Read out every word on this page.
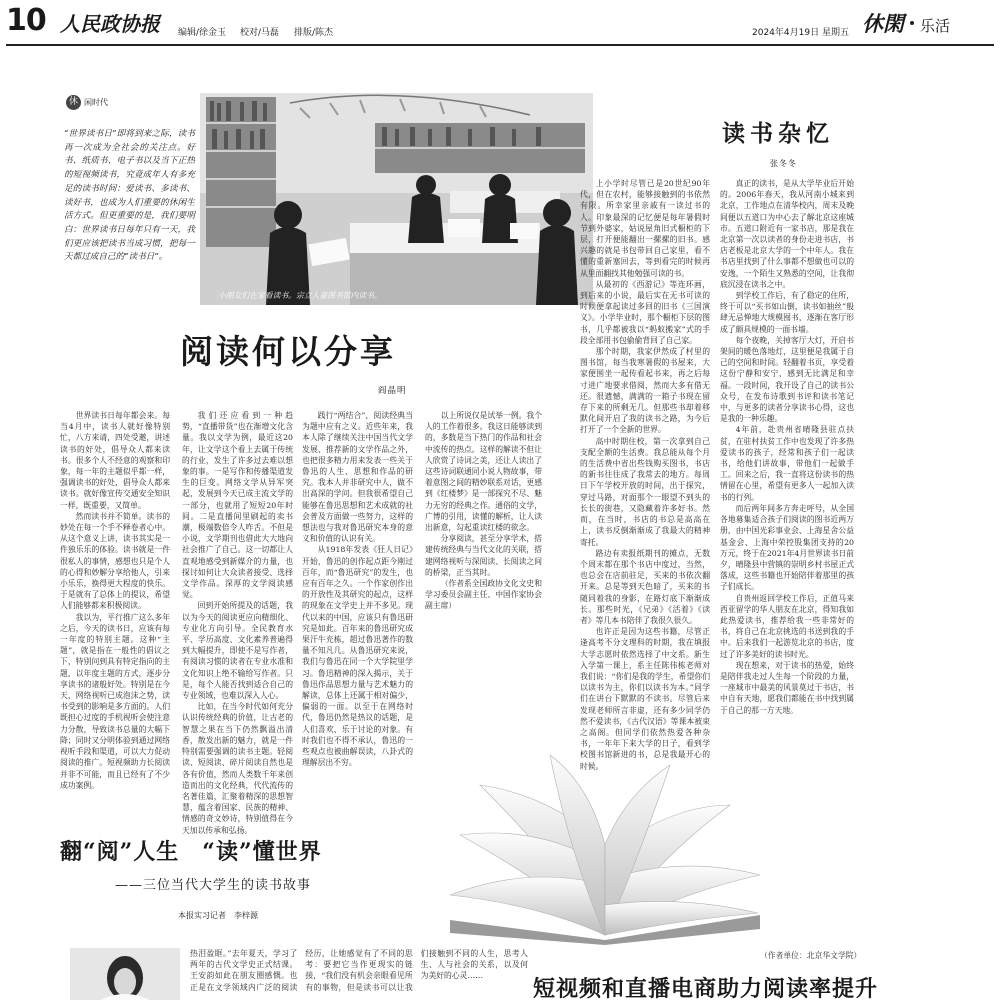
10 人民政协报 编辑/徐金玉 校对/马磊 排版/陈杰	2024年4月19日 星期五 休閑 乐活
休 闲时代
“世界读书日”即将到来之际，读书再一次成为全社会的关注点。好书、纸质书、电子书以及当下正热的短视频读书，究竟成年人有多充足的读书时间：爱读书、多读书、读好书，也成为人们重要的休闲生活方式。但更重要的是，我们要明白：世界读书日每年只有一天，我们更应该把读书当成习惯，把每一天都过成自己的“读书日”。
小朋友们在家看读书。宗立人童图书馆内读书。
阅读何以分享
阎晶明

世界读书日每年都会来。每当4月中，读书人就好像特别忙，八方来请，四处受邀，讲述读书的好处，倡导众人都来读书。很多个人不经意的观察和印象，每一年的主题似乎都一样，强调读书的好处，倡导众人都来读书。就好像宣传交通安全知识一样，既重要，又简单。

然而读书并不简单。读书的妙处在每一个手不释卷者心中。从这个意义上讲，读书其实是一件独乐乐的体验。读书就是一件很私人的事情，感想也只是个人的心得和妙解分享给他人，引来小乐乐，换得更大程度的快乐。于是就有了总体上的提议，希望人们能够都来积极阅读。

我以为，平行推广这么多年之后，今天的读书日，应该有每一年度的特别主题。这种“主题”，就是指在一般性的倡议之下，特别问到具有特定指向的主题，以年度主题的方式，逐步分享读书的诸般好处。特别是在今天，网络视听已成泡沫之势，读书受到的影响是多方面的。人们既担心过度的手机视听会使注意力分散，导致读书总量的大幅下降；同时又分明体验到通过网络视听手段和渠道，可以大力促动阅读的推广。短视频助力长阅读并非不可能，而且已经有了不少成功案例。

我们还应看到一种趋势，“直播带货”也在渐增文化含量。我以文学为例，最近这20年，让文学这个看上去属于传统的行业，发生了许多过去难以想象的事。一是写作和传播渠道发生的巨变。网络文学从异军突起，发展到今天已成主流文学的一部分，也就用了短短20年时间。二是直播间里刷起的卖书潮，极端数倍令人咋舌。不但是小说，文学期刊也借此大大地向社会推广了自己。这一切都让人直观地感受到新媒介的力量，也探讨如何让大众读者接受、选择文学作品。深厚的文学阅读感觉。

回到开始所提及的话题，我以为今天的阅读更应向精细化、专业化方向引导。全民教育水平、学历高度、文化素养普遍得到大幅提升，即使不是写作者，有阅读习惯的读者在专业水准和文化知识上绝不输给写作者。只是，每个人能否找到适合自己的专业领域，也难以深入人心。

比如，在当今时代如何充分认识传统经典的价值，让古老的智慧之果在当下仍然飘溢出清香，散发出新的魅力，就是一件特别需要强调的读书主题。轻阅读、短阅读、碎片阅读自然也是各有价值，然而人类数千年来创造而出的文化经典，代代流传的名著佳篇，汇聚着精深的思想智慧，蕴含着国家、民族的精神、情感的奇文妙诗，特别值得在今天加以传承和弘扬。

践行“两结合”，阅读经典当为题中应有之义。近些年来，我本人除了继续关注中国当代文学发展、推荐新的文学作品之外，也把很多精力用来发表一些关于鲁迅的人生、思想和作品的研究。我本人并非研究中人，做不出高深的学问。但我很希望自己能够在鲁迅思想和艺术成就的社会普及方面做一些努力，这样的想法也与我对鲁迅研究本身的意义和价值的认识有关。

从1918年发表《狂人日记》开始，鲁迅的创作起点距今刚过百年，而“鲁迅研究”的发生，也应有百年之久。一个作家创作出的开放性及其研究的起点，这样的现象在文学史上并不多见。现代以来的中国，应该只有鲁迅研究是如此。百年来的鲁迅研究成果汗牛充栋，超过鲁迅著作的数量不知凡几。从鲁迅研究来说，我们与鲁迅在同一个大学院里学习。鲁迅精神的深入揭示，关于鲁迅作品思想力量与艺术魅力的解读，总体上还属于相对偏少，偏弱的一面。以至于在网络时代，鲁迅仍然是热议的话题，是人们喜欢、乐于讨论的对象。有时我们也不得不承认，鲁迅的一些观点也被曲解误读，八卦式的理解层出不穷。

以上所说仅是试举一例。我个人的工作着很多。我这日能够读到的，多数是当下热门的作品和社会中流传的热点。这样的解读不但让人欣赏了诗词之美，还让人读出了这些诗词联通同小说人物故事，带着意图之间的精妙联系对话，更感到《红楼梦》是一部探究不尽、魅力无穷的经典之作。通俗的文学，广博的引用，读懂的解析，让人读出新意，勾起重读红楼的欲念。

分享阅读，甚至分享学术，搭建传统经典与当代文化的关联，搭建网络视听与深阅读、长阅读之间的桥梁，正当其时。

（作者系全国政协文化文史和学习委员会副主任、中国作家协会副主席）

读书杂忆
张冬冬

上小学时尽管已是20世纪90年代，但在农村，能够接触到的书依然有限。所幸家里亲戚有一读过书的人。印象最深的记忆便是每年暑假时节到外婆家，姑说屋角旧式橱柜的下层，打开便能翻出一摞摞的旧书。感兴趣的就是书包带回自己家里，看不懂的重新塞回去，等到看完的时候再从里面翻找其他勉强可读的书。

从最初的《西游记》等连环画，到后来的小说，最后实在无书可读的时候便拿起读过多回的旧书《三国演义》。小学毕业时，那个橱柜下层的图书，几乎都被我以“蚂蚁搬家”式的手段全部用书包偷偷背回了自己家。

那个时期，我家伊然成了村里的图书馆，每当我寒暑假的书屋来，大家便围坐一起传看起书来，再之后每寸进广地要求借阅，然而大多有借无还。很遗憾，满满的一箱子书现在留存下来的所剩无几。但那些书却着移默化间开启了我的读书之路，为今后打开了一个全新的世界。

高中时期住校，第一次拿到自己支配全额的生活费。我总能从每个月的生活费中省出些钱购买图书，书店的新书往往成了我常去的地方。每周日下午学校开放的时间，出于探究，穿过马路，对面那个一眼望不到头的长长的街巷，又隐藏着许多好书。然而，在当时，书店的书总是高高在上，读书反倒渐渐成了我最大的精神寄托。

路边有卖报纸期刊的摊点，无数个周末都在那个书店中度过，当然，也总会在店前驻足，买来的书依次翻开来。总是等到天色暗了，买来的书随同着我的身影，在路灯底下渐渐成长。那些时光，《兄弟》《活着》《读者》等几本书陪伴了我很久很久。

也许正是因为这些书籍，尽管正逢高考不分文理科的时期，我在填报大学志愿时依然选择了中文系。新生入学第一课上，系主任陈伟栋老师对我们说：“你们是我的学生，希望你们以读书为主，你们以读书为本。”同学们在讲台下默默的不读书。尽管后来发现老师所言非虚，还有多少同学仍然不爱读书，《古代汉语》等课本被束之高阁。但同学们依然热爱各种杂书，一年年下来大学的日子，看到学校图书馆新进的书，总是我最开心的时候。

真正的读书，是从大学毕业后开始的。2006年春天，我从河南小城来到北京，工作地点在清华校内，周末及晚间便以五道口为中心去了解北京这座城市。五道口附近有一家书店，那是我在北京第一次以读者的身份走进书店，书店老板是北京大学的一个中年人。我在书店里找到了什么事都不想做也可以的安逸，一个陌生又熟悉的空间，让我彻底沉浸在读书之中。

到学校工作后，有了稳定的住所，终于可以“买书如山倒，读书如抽丝”般肆无忌惮地大规模囤书，逐渐在客厅形成了颇具规模的一面书墙。

每个夜晚，关掉客厅大灯，开启书架间的暖色落地灯，这里便是我属于自己的空间和时间。轻翻着书页，享受着这份宁静和安宁，感到无比满足和幸福。一段时间，我开设了自己的读书公众号，在发布诗歌到书评和读书笔记中，与更多的读者分享读书心得，这也是我的一种乐趣。

4年前，赴贵州省晴隆县驻点扶贫，在驻村扶贫工作中也发现了许多热爱读书的孩子，经常和孩子们一起读书，给他们讲故事，带他们一起做手工。回来之后，我一直将这份读书的热情留在心里，希望有更多人一起加入读书的行列。

而后两年间多方奔走呼号，从全国各地募集适合孩子们阅读的图书近两万册，由中国光彩事业会、上海星舍公益基金会、上海中荣控股集团支持的20万元，终于在2021年4月世界读书日前夕，晴隆县中营镇的崇明乡村书屋正式落成，这些书籍也开始陪伴着那里的孩子们成长。

自贵州返回学校工作后，正值马来西亚留学的华人朋友在北京，得知我如此热爱读书，推荐给我一些非常好的书，将自己在北京挑选的书送到我的手中。后来我们一起游览北京的书店，度过了许多美好的读书时光。

现在想来，对于读书的热爱，始终是陪伴我走过人生每一个阶段的力量，一座城市中最美的风景莫过于书店，书中自有天地，愿我们都能在书中找到属于自己的那一方天地。

（作者单位：北京华文学院）
翻“阅”人生　“读”懂世界
——三位当代大学生的读书故事
本报实习记者　李梓源
热泪盈眶。”去年夏天，学习了两年的古代文学史正式结课。王安韵如此在朋友圈感慨。也正是在文学领域内广泛的阅读经历，让她感觉有了不同的思考：要把它当作更现实的链接，“我们没有机会亲眼看见所有的事物，但是读书可以让我们接触到不同的人生，思考人生、人与社会的关系，以及何为美好的心灵……
短视频和直播电商助力阅读率提升
